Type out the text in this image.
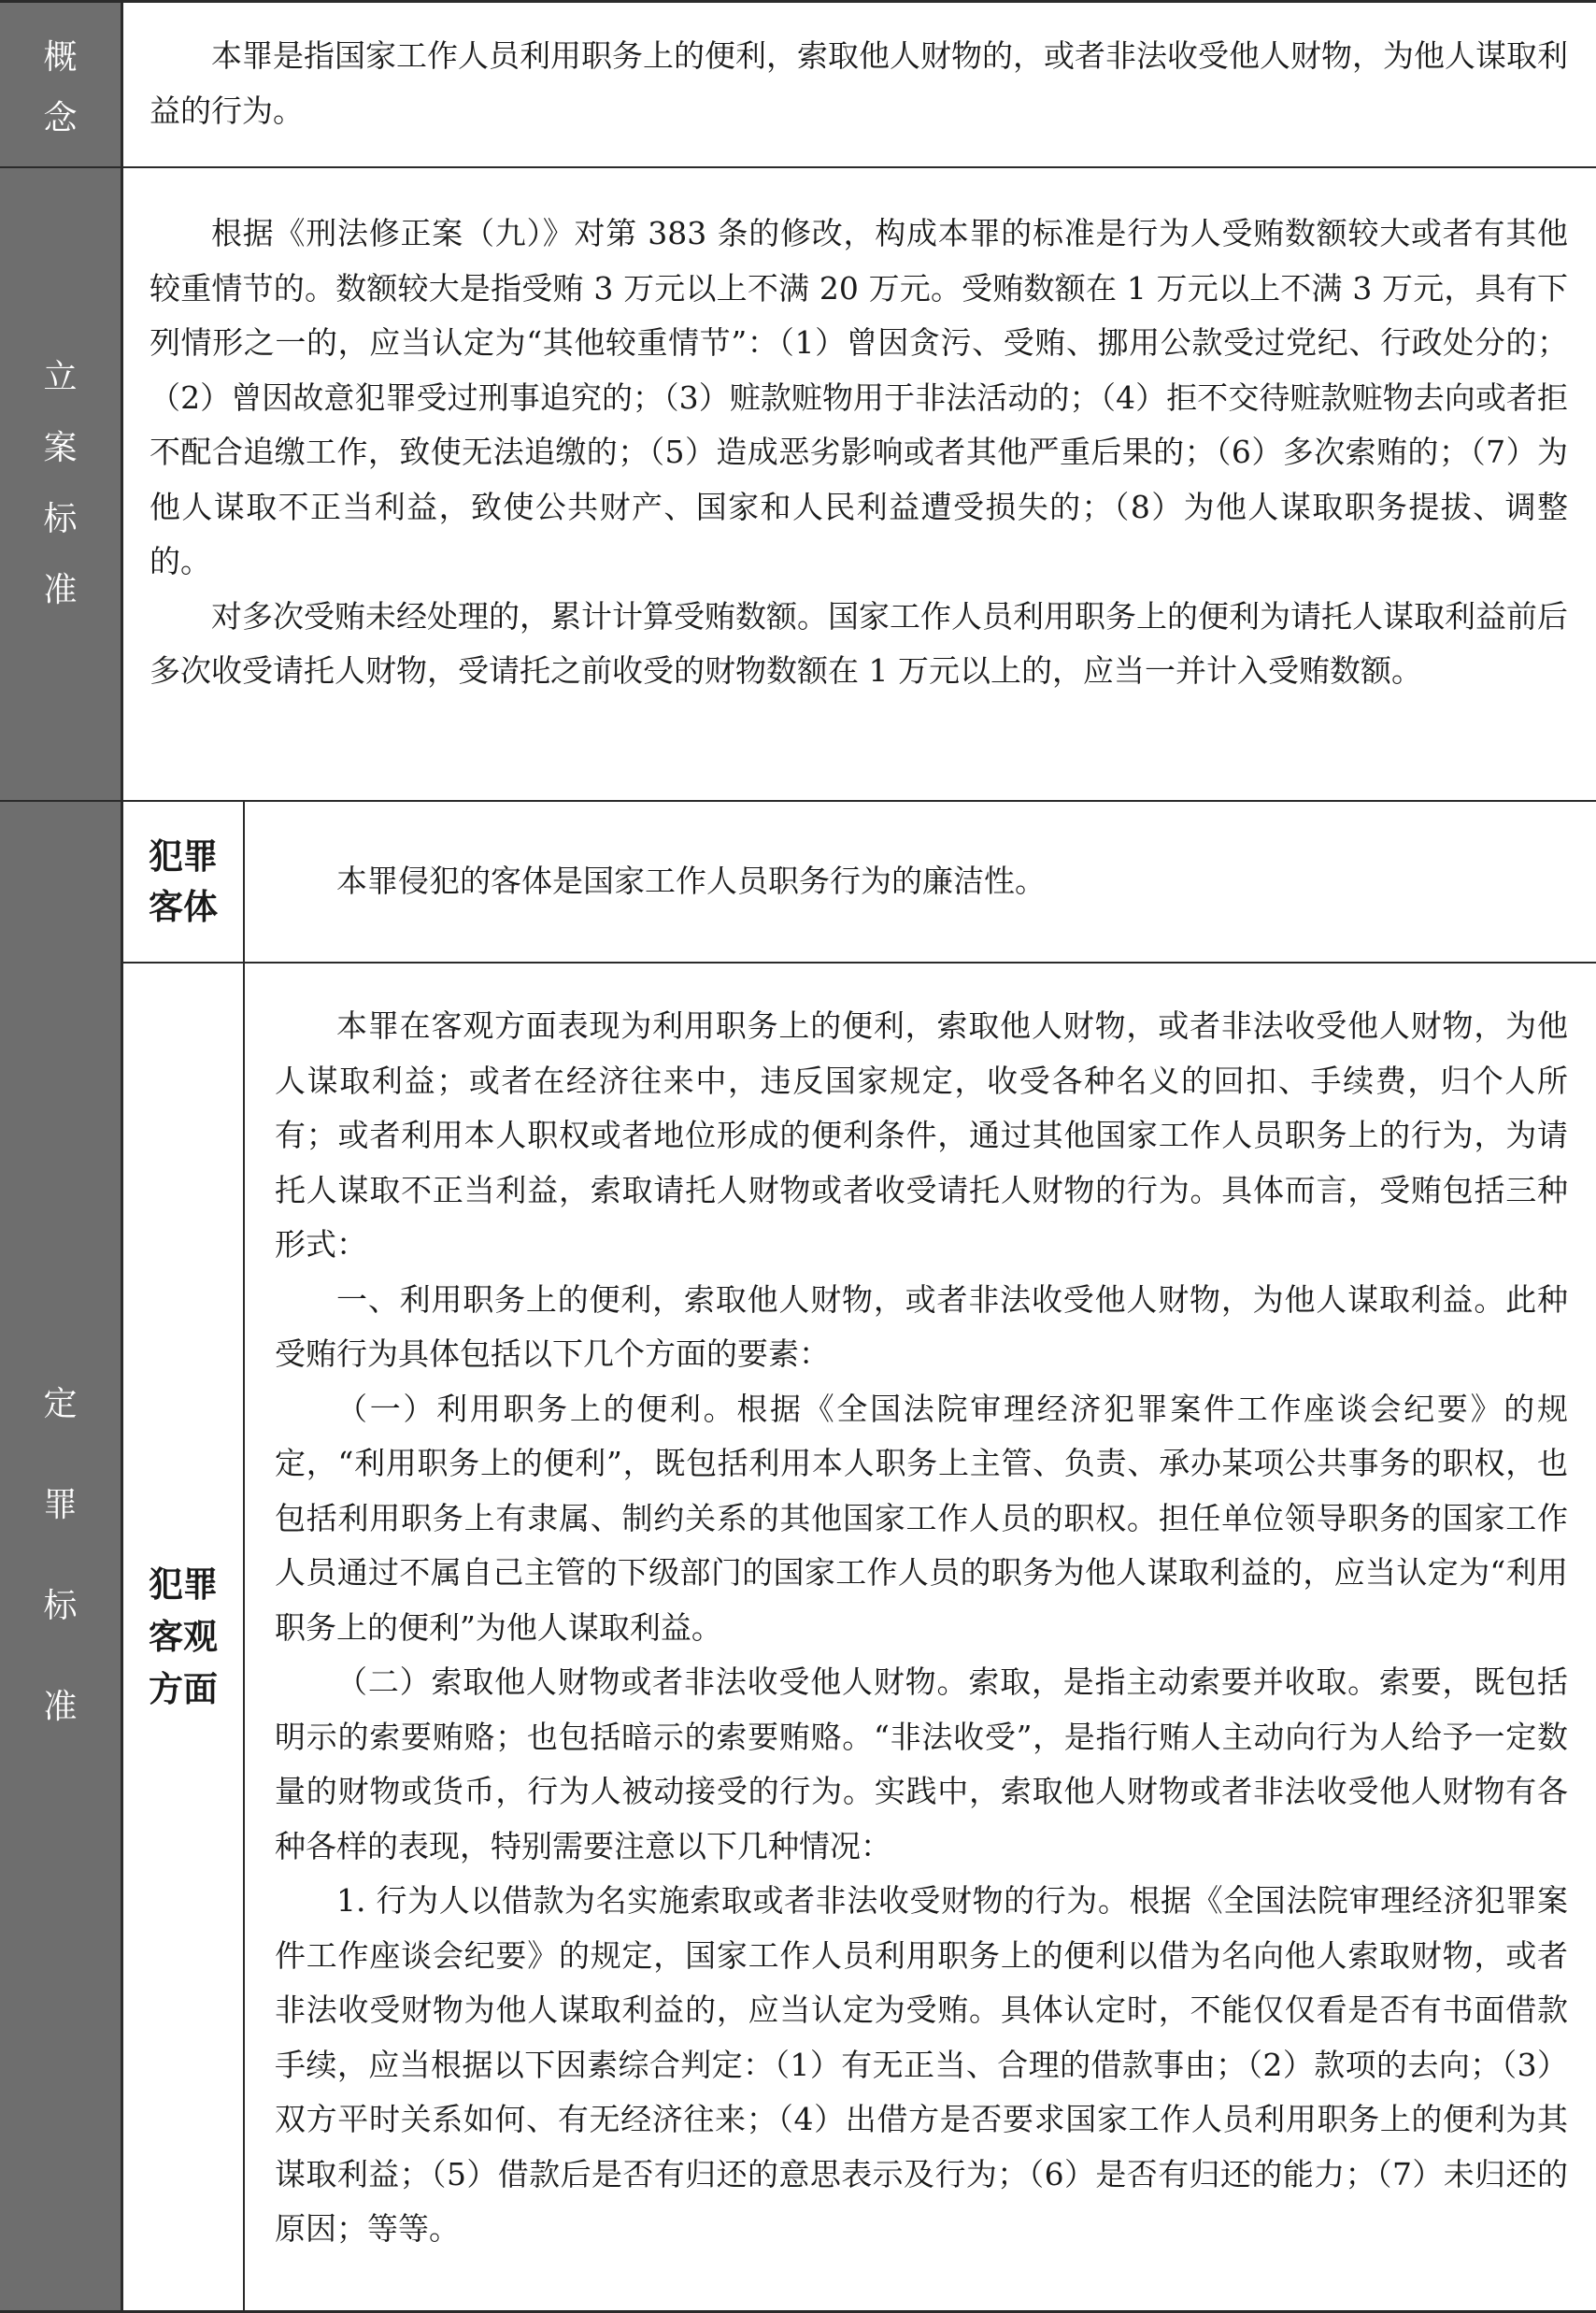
概
念

本罪是指国家工作人员利用职务上的便利，索取他人财物的，或者非法收受他人财物，为他人谋取利益的行为。

立
案
标
准

根据《刑法修正案（九）》对第 383 条的修改，构成本罪的标准是行为人受贿数额较大或者有其他较重情节的。数额较大是指受贿 3 万元以上不满 20 万元。受贿数额在 1 万元以上不满 3 万元，具有下列情形之一的，应当认定为“其他较重情节”：（1）曾因贪污、受贿、挪用公款受过党纪、行政处分的；（2）曾因故意犯罪受过刑事追究的；（3）赃款赃物用于非法活动的；（4）拒不交待赃款赃物去向或者拒不配合追缴工作，致使无法追缴的；（5）造成恶劣影响或者其他严重后果的；（6）多次索贿的；（7）为他人谋取不正当利益，致使公共财产、国家和人民利益遭受损失的；（8）为他人谋取职务提拔、调整的。

对多次受贿未经处理的，累计计算受贿数额。国家工作人员利用职务上的便利为请托人谋取利益前后多次收受请托人财物，受请托之前收受的财物数额在 1 万元以上的，应当一并计入受贿数额。

定
罪
标
准
犯罪
客体

本罪侵犯的客体是国家工作人员职务行为的廉洁性。

犯罪
客观
方面

本罪在客观方面表现为利用职务上的便利，索取他人财物，或者非法收受他人财物，为他人谋取利益；或者在经济往来中，违反国家规定，收受各种名义的回扣、手续费，归个人所有；或者利用本人职权或者地位形成的便利条件，通过其他国家工作人员职务上的行为，为请托人谋取不正当利益，索取请托人财物或者收受请托人财物的行为。具体而言，受贿包括三种形式：

一、利用职务上的便利，索取他人财物，或者非法收受他人财物，为他人谋取利益。此种受贿行为具体包括以下几个方面的要素：

（一）利用职务上的便利。根据《全国法院审理经济犯罪案件工作座谈会纪要》的规定，“利用职务上的便利”，既包括利用本人职务上主管、负责、承办某项公共事务的职权，也包括利用职务上有隶属、制约关系的其他国家工作人员的职权。担任单位领导职务的国家工作人员通过不属自己主管的下级部门的国家工作人员的职务为他人谋取利益的，应当认定为“利用职务上的便利”为他人谋取利益。

（二）索取他人财物或者非法收受他人财物。索取，是指主动索要并收取。索要，既包括明示的索要贿赂；也包括暗示的索要贿赂。“非法收受”，是指行贿人主动向行为人给予一定数量的财物或货币，行为人被动接受的行为。实践中，索取他人财物或者非法收受他人财物有各种各样的表现，特别需要注意以下几种情况：

1. 行为人以借款为名实施索取或者非法收受财物的行为。根据《全国法院审理经济犯罪案件工作座谈会纪要》的规定，国家工作人员利用职务上的便利以借为名向他人索取财物，或者非法收受财物为他人谋取利益的，应当认定为受贿。具体认定时，不能仅仅看是否有书面借款手续，应当根据以下因素综合判定：（1）有无正当、合理的借款事由；（2）款项的去向；（3）双方平时关系如何、有无经济往来；（4）出借方是否要求国家工作人员利用职务上的便利为其谋取利益；（5）借款后是否有归还的意思表示及行为；（6）是否有归还的能力；（7）未归还的原因；等等。
